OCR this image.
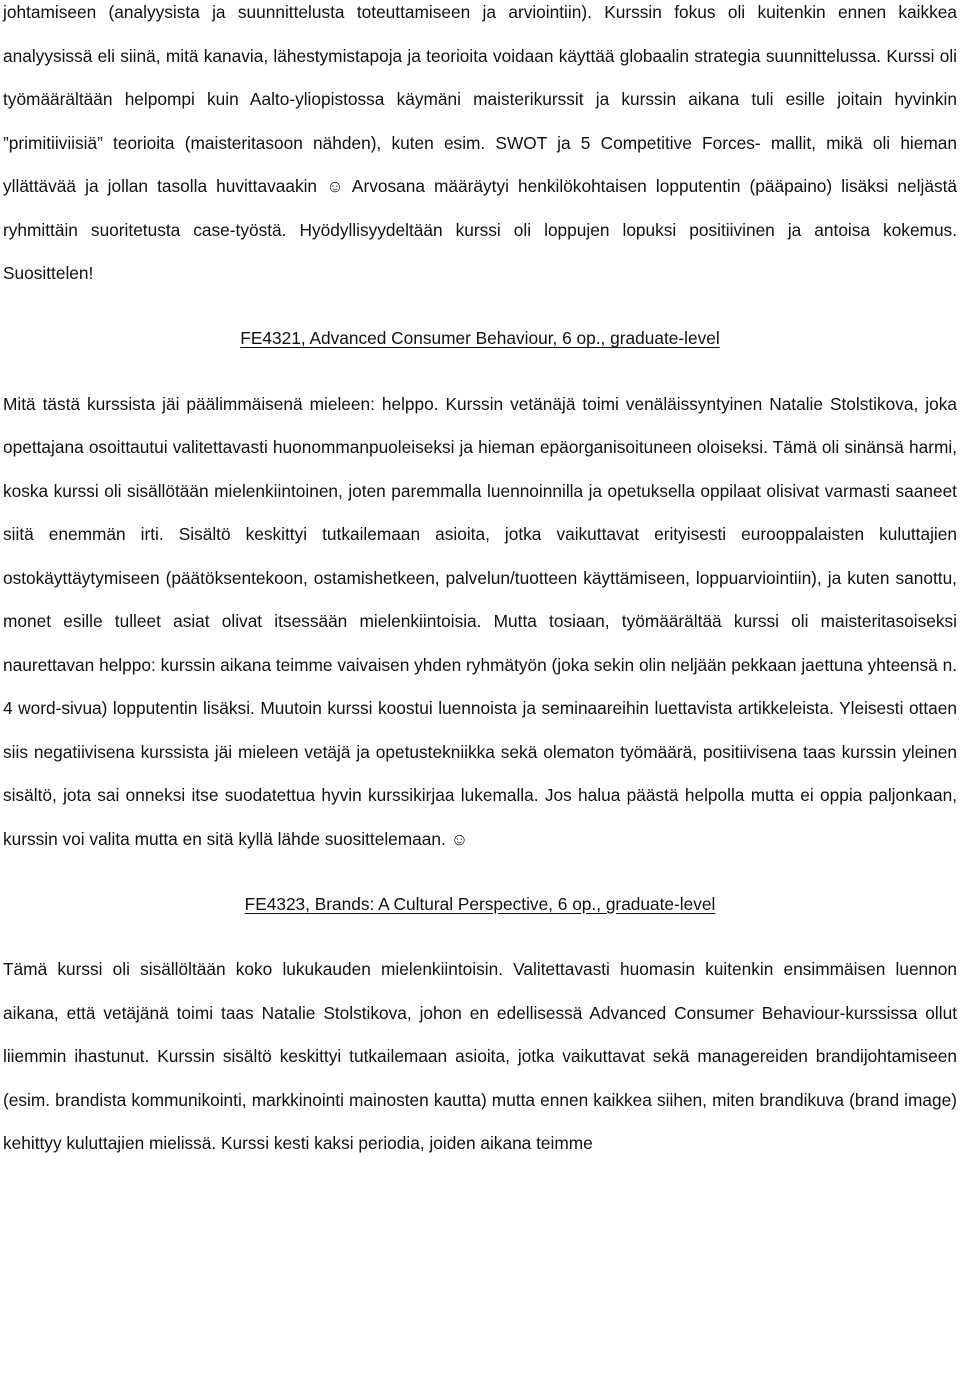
johtamiseen (analyysista ja suunnittelusta toteuttamiseen ja arviointiin). Kurssin fokus oli kuitenkin ennen kaikkea analyysissä eli siinä, mitä kanavia, lähestymistapoja ja teorioita voidaan käyttää globaalin strategia suunnittelussa. Kurssi oli työmäärältään helpompi kuin Aalto-yliopistossa käymäni maisterikurssit ja kurssin aikana tuli esille joitain hyvinkin ”primitiiviisiä” teorioita (maisteritasoon nähden), kuten esim. SWOT ja 5 Competitive Forces- mallit, mikä oli hieman yllättävää ja jollan tasolla huvittavaakin ☺ Arvosana määräytyi henkilökohtaisen lopputentin (pääpaino) lisäksi neljästä ryhmittäin suoritetusta case-työstä. Hyödyllisyydeltään kurssi oli loppujen lopuksi positiivinen ja antoisa kokemus. Suosittelen!

FE4321, Advanced Consumer Behaviour, 6 op., graduate-level

Mitä tästä kurssista jäi päälimmäisenä mieleen: helppo. Kurssin vetänäjä toimi venäläissyntyinen Natalie Stolstikova, joka opettajana osoittautui valitettavasti huonommanpuoleiseksi ja hieman epäorganisoituneen oloiseksi. Tämä oli sinänsä harmi, koska kurssi oli sisällötään mielenkiintoinen, joten paremmalla luennoinnilla ja opetuksella oppilaat olisivat varmasti saaneet siitä enemmän irti. Sisältö keskittyi tutkailemaan asioita, jotka vaikuttavat erityisesti eurooppalaisten kuluttajien ostokäyttäytymiseen (päätöksentekoon, ostamishetkeen, palvelun/tuotteen käyttämiseen, loppuarviointiin), ja kuten sanottu, monet esille tulleet asiat olivat itsessään mielenkiintoisia. Mutta tosiaan, työmäärältää kurssi oli maisteritasoiseksi naurettavan helppo: kurssin aikana teimme vaivaisen yhden ryhmätyön (joka sekin olin neljään pekkaan jaettuna yhteensä n. 4 word-sivua) lopputentin lisäksi. Muutoin kurssi koostui luennoista ja seminaareihin luettavista artikkeleista. Yleisesti ottaen siis negatiivisena kurssista jäi mieleen vetäjä ja opetustekniikka sekä olematon työmäärä, positiivisena taas kurssin yleinen sisältö, jota sai onneksi itse suodatettua hyvin kurssikirjaa lukemalla. Jos halua päästä helpolla mutta ei oppia paljonkaan, kurssin voi valita mutta en sitä kyllä lähde suosittelemaan. ☺

FE4323, Brands: A Cultural Perspective, 6 op., graduate-level

Tämä kurssi oli sisällöltään koko lukukauden mielenkiintoisin. Valitettavasti huomasin kuitenkin ensimmäisen luennon aikana, että vetäjänä toimi taas Natalie Stolstikova, johon en edellisessä Advanced Consumer Behaviour-kurssissa ollut liiemmin ihastunut. Kurssin sisältö keskittyi tutkailemaan asioita, jotka vaikuttavat sekä managereiden brandijohtamiseen (esim. brandista kommunikointi, markkinointi mainosten kautta) mutta ennen kaikkea siihen, miten brandikuva (brand image) kehittyy kuluttajien mielissä. Kurssi kesti kaksi periodia, joiden aikana teimme
